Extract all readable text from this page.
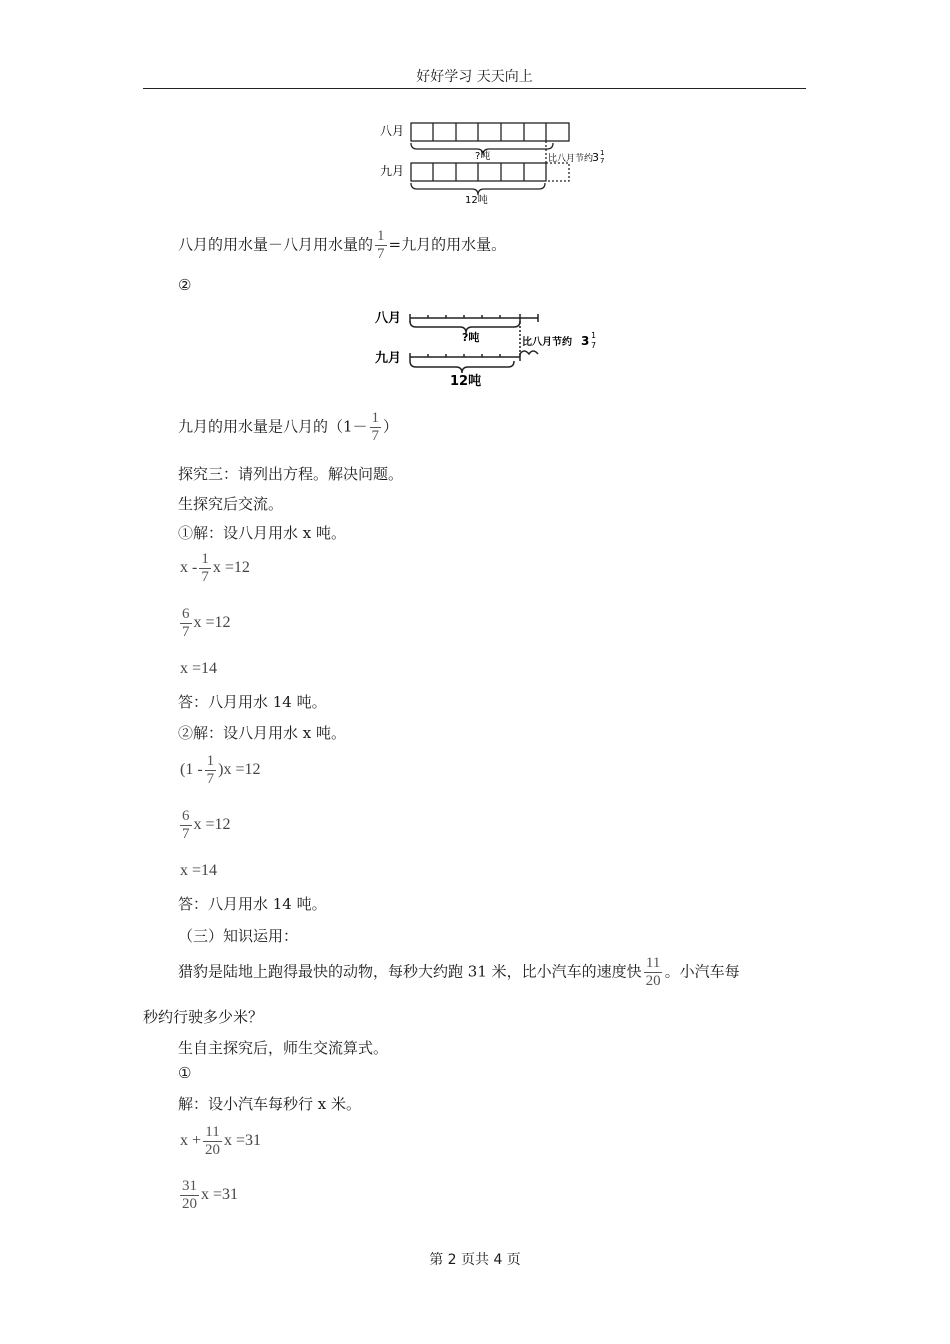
好好学习 天天向上
八月
九月
?吨	比八月节约
3 1
7
12吨
八月的用水量－八月用水量的 $\frac{1}{7}$ =九月的用水量。
②
八月
九月
?吨	比八月节约 3 1
7
12吨
九月的用水量是八月的（$1- \frac{1}{7}$ ）
探究三：请列出方程。解决问题。
生探究后交流。
①解：设八月用水 x 吨。
x - $\frac{1}{7}$ x =12
$\frac{6}{7}$ x =12
x =14
答：八月用水 14 吨。
②解：设八月用水 x 吨。
$(1 - \frac{1}{7} )x =12$
$\frac{6}{7}$ x =12
x =14
答：八月用水 14 吨。
（三）知识运用：
猎豹是陆地上跑得最快的动物，每秒大约跑 31 米，比小汽车的速度快 $\frac{11}{20}$ 。小汽车每
秒约行驶多少米？
生自主探究后，师生交流算式。
①
解：设小汽车每秒行 x 米。
$x + \frac{11}{20}$ x =31
$\frac{31}{20}$ x =31
第 2 页共 4 页
